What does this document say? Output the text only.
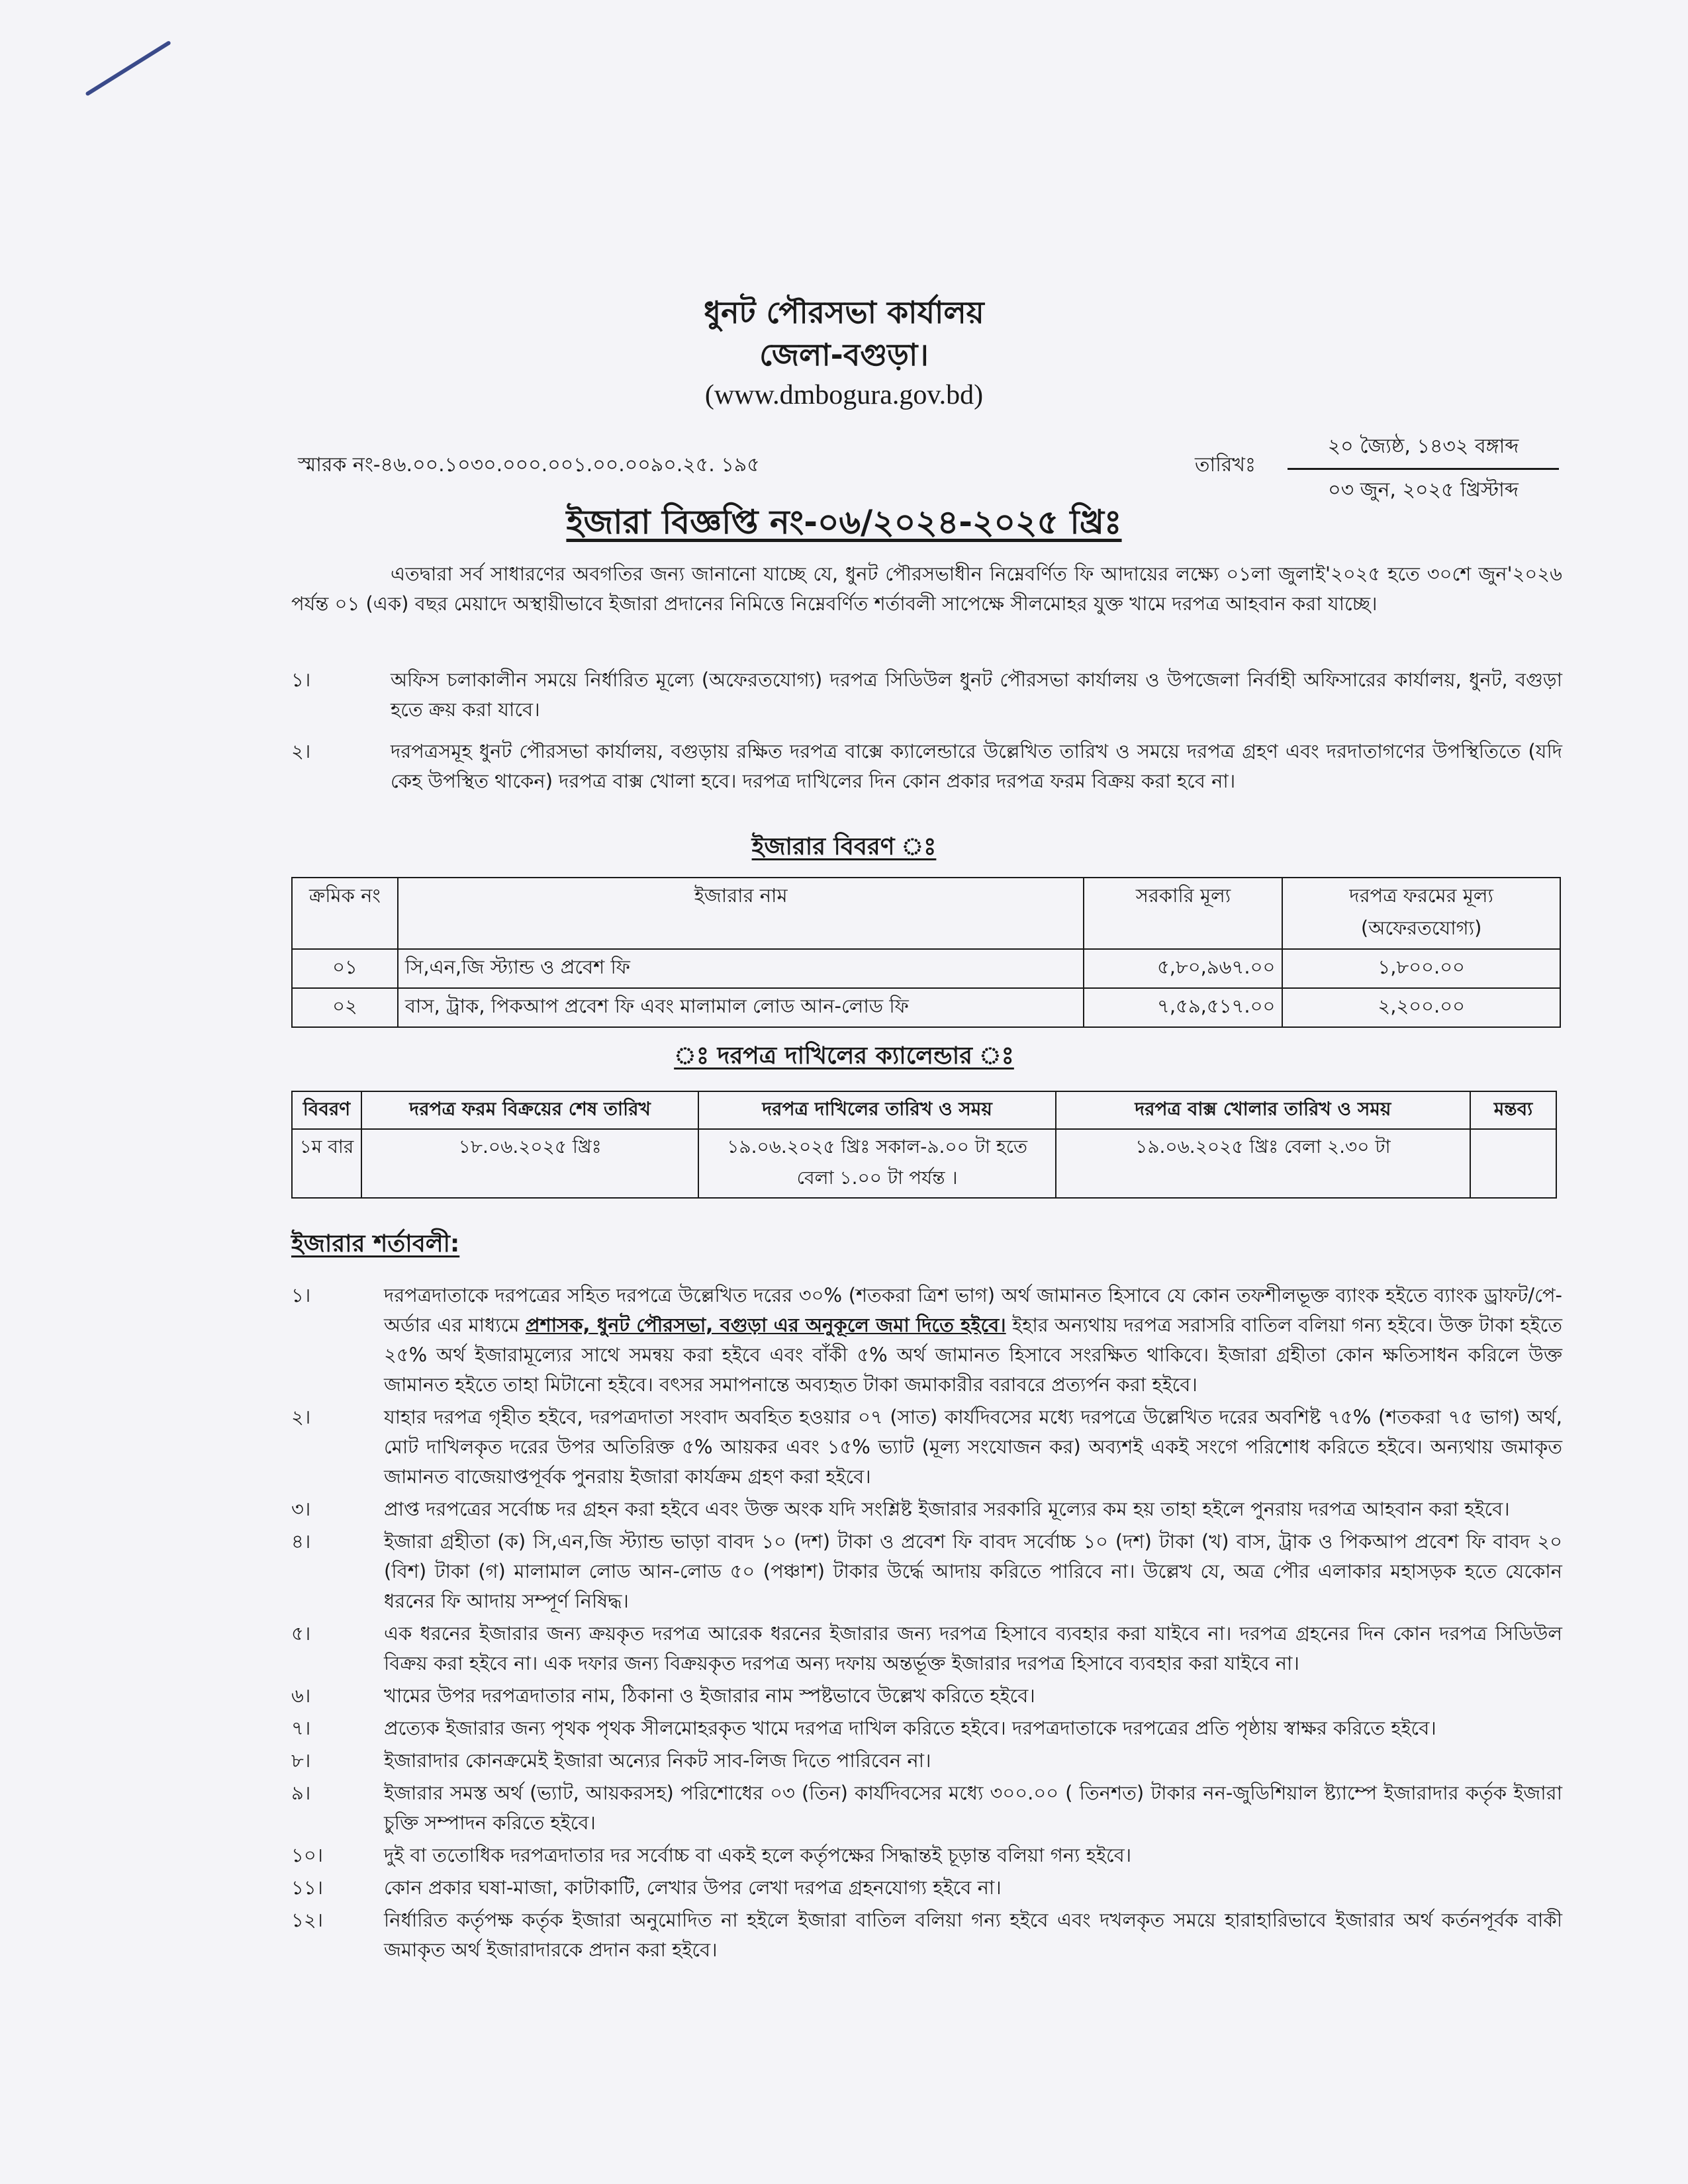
ধুনট পৌরসভা কার্যালয়

জেলা-বগুড়া।

(www.dmbogura.gov.bd)

স্মারক নং-৪৬.০০.১০৩০.০০০.০০১.০০.০০৯০.২৫. ১৯৫	তারিখঃ
২০ জ্যৈষ্ঠ, ১৪৩২ বঙ্গাব্দ
০৩ জুন, ২০২৫ খ্রিস্টাব্দ
ইজারা বিজ্ঞপ্তি নং-০৬/২০২৪-২০২৫ খ্রিঃ
এতদ্বারা সর্ব সাধারণের অবগতির জন্য জানানো যাচ্ছে যে, ধুনট পৌরসভাধীন নিম্নেবর্ণিত ফি আদায়ের লক্ষ্যে ০১লা জুলাই'২০২৫ হতে ৩০শে জুন'২০২৬ পর্যন্ত ০১ (এক) বছর মেয়াদে অস্থায়ীভাবে ইজারা প্রদানের নিমিত্তে নিম্নেবর্ণিত শর্তাবলী সাপেক্ষে সীলমোহর যুক্ত খামে দরপত্র আহবান করা যাচ্ছে।
১।	অফিস চলাকালীন সময়ে নির্ধারিত মূল্যে (অফেরতযোগ্য) দরপত্র সিডিউল ধুনট পৌরসভা কার্যালয় ও উপজেলা নির্বাহী অফিসারের কার্যালয়, ধুনট, বগুড়া হতে ক্রয় করা যাবে।
২।	দরপত্রসমূহ ধুনট পৌরসভা কার্যালয়, বগুড়ায় রক্ষিত দরপত্র বাক্সে ক্যালেন্ডারে উল্লেখিত তারিখ ও সময়ে দরপত্র গ্রহণ এবং দরদাতাগণের উপস্থিতিতে (যদি কেহ উপস্থিত থাকেন) দরপত্র বাক্স খোলা হবে। দরপত্র দাখিলের দিন কোন প্রকার দরপত্র ফরম বিক্রয় করা হবে না।
ইজারার বিবরণ ঃ
ক্রমিক নং	ইজারার নাম	সরকারি মূল্য	দরপত্র ফরমের মূল্য (অফেরতযোগ্য)
০১	সি,এন,জি স্ট্যান্ড ও প্রবেশ ফি	৫,৮০,৯৬৭.০০	১,৮০০.০০
০২	বাস, ট্রাক, পিকআপ প্রবেশ ফি এবং মালামাল লোড আন-লোড ফি	৭,৫৯,৫১৭.০০	২,২০০.০০
ঃ দরপত্র দাখিলের ক্যালেন্ডার ঃ
বিবরণ	দরপত্র ফরম বিক্রয়ের শেষ তারিখ	দরপত্র দাখিলের তারিখ ও সময়	দরপত্র বাক্স খোলার তারিখ ও সময়	মন্তব্য
১ম বার	১৮.০৬.২০২৫ খ্রিঃ	১৯.০৬.২০২৫ খ্রিঃ সকাল-৯.০০ টা হতে বেলা ১.০০ টা পর্যন্ত ।	১৯.০৬.২০২৫ খ্রিঃ বেলা ২.৩০ টা	
ইজারার শর্তাবলী:
১।	দরপত্রদাতাকে দরপত্রের সহিত দরপত্রে উল্লেখিত দরের ৩০% (শতকরা ত্রিশ ভাগ) অর্থ জামানত হিসাবে যে কোন তফশীলভূক্ত ব্যাংক হইতে ব্যাংক ড্রাফট/পে-অর্ডার এর মাধ্যমে প্রশাসক, ধুনট পৌরসভা, বগুড়া এর অনুকূলে জমা দিতে হইবে। ইহার অন্যথায় দরপত্র সরাসরি বাতিল বলিয়া গন্য হইবে। উক্ত টাকা হইতে ২৫% অর্থ ইজারামূল্যের সাথে সমন্বয় করা হইবে এবং বাঁকী ৫% অর্থ জামানত হিসাবে সংরক্ষিত থাকিবে। ইজারা গ্রহীতা কোন ক্ষতিসাধন করিলে উক্ত জামানত হইতে তাহা মিটানো হইবে। বৎসর সমাপনান্তে অব্যহৃত টাকা জমাকারীর বরাবরে প্রত্যর্পন করা হইবে।
২।	যাহার দরপত্র গৃহীত হইবে, দরপত্রদাতা সংবাদ অবহিত হওয়ার ০৭ (সাত) কার্যদিবসের মধ্যে দরপত্রে উল্লেখিত দরের অবশিষ্ট ৭৫% (শতকরা ৭৫ ভাগ) অর্থ, মোট দাখিলকৃত দরের উপর অতিরিক্ত ৫% আয়কর এবং ১৫% ভ্যাট (মূল্য সংযোজন কর) অব্যশই একই সংগে পরিশোধ করিতে হইবে। অন্যথায় জমাকৃত জামানত বাজেয়াপ্তপূর্বক পুনরায় ইজারা কার্যক্রম গ্রহণ করা হইবে।
৩।	প্রাপ্ত দরপত্রের সর্বোচ্চ দর গ্রহন করা হইবে এবং উক্ত অংক যদি সংশ্লিষ্ট ইজারার সরকারি মূল্যের কম হয় তাহা হইলে পুনরায় দরপত্র আহবান করা হইবে।
৪।	ইজারা গ্রহীতা (ক) সি,এন,জি স্ট্যান্ড ভাড়া বাবদ ১০ (দশ) টাকা ও প্রবেশ ফি বাবদ সর্বোচ্চ ১০ (দশ) টাকা (খ) বাস, ট্রাক ও পিকআপ প্রবেশ ফি বাবদ ২০ (বিশ) টাকা (গ) মালামাল লোড আন-লোড ৫০ (পঞ্চাশ) টাকার উর্দ্ধে আদায় করিতে পারিবে না। উল্লেখ যে, অত্র পৌর এলাকার মহাসড়ক হতে যেকোন ধরনের ফি আদায় সম্পূর্ণ নিষিদ্ধ।
৫।	এক ধরনের ইজারার জন্য ক্রয়কৃত দরপত্র আরেক ধরনের ইজারার জন্য দরপত্র হিসাবে ব্যবহার করা যাইবে না। দরপত্র গ্রহনের দিন কোন দরপত্র সিডিউল বিক্রয় করা হইবে না। এক দফার জন্য বিক্রয়কৃত দরপত্র অন্য দফায় অন্তর্ভূক্ত ইজারার দরপত্র হিসাবে ব্যবহার করা যাইবে না।
৬।	খামের উপর দরপত্রদাতার নাম, ঠিকানা ও ইজারার নাম স্পষ্টভাবে উল্লেখ করিতে হইবে।
৭।	প্রত্যেক ইজারার জন্য পৃথক পৃথক সীলমোহরকৃত খামে দরপত্র দাখিল করিতে হইবে। দরপত্রদাতাকে দরপত্রের প্রতি পৃষ্ঠায় স্বাক্ষর করিতে হইবে।
৮।	ইজারাদার কোনক্রমেই ইজারা অন্যের নিকট সাব-লিজ দিতে পারিবেন না।
৯।	ইজারার সমস্ত অর্থ (ভ্যাট, আয়করসহ) পরিশোধের ০৩ (তিন) কার্যদিবসের মধ্যে ৩০০.০০ ( তিনশত) টাকার নন-জুডিশিয়াল ষ্ট্যাম্পে ইজারাদার কর্তৃক ইজারা চুক্তি সম্পাদন করিতে হইবে।
১০।	দুই বা ততোধিক দরপত্রদাতার দর সর্বোচ্চ বা একই হলে কর্তৃপক্ষের সিদ্ধান্তই চূড়ান্ত বলিয়া গন্য হইবে।
১১।	কোন প্রকার ঘষা-মাজা, কাটাকাটি, লেখার উপর লেখা দরপত্র গ্রহনযোগ্য হইবে না।
১২।	নির্ধারিত কর্তৃপক্ষ কর্তৃক ইজারা অনুমোদিত না হইলে ইজারা বাতিল বলিয়া গন্য হইবে এবং দখলকৃত সময়ে হারাহারিভাবে ইজারার অর্থ কর্তনপূর্বক বাকী জমাকৃত অর্থ ইজারাদারকে প্রদান করা হইবে।
